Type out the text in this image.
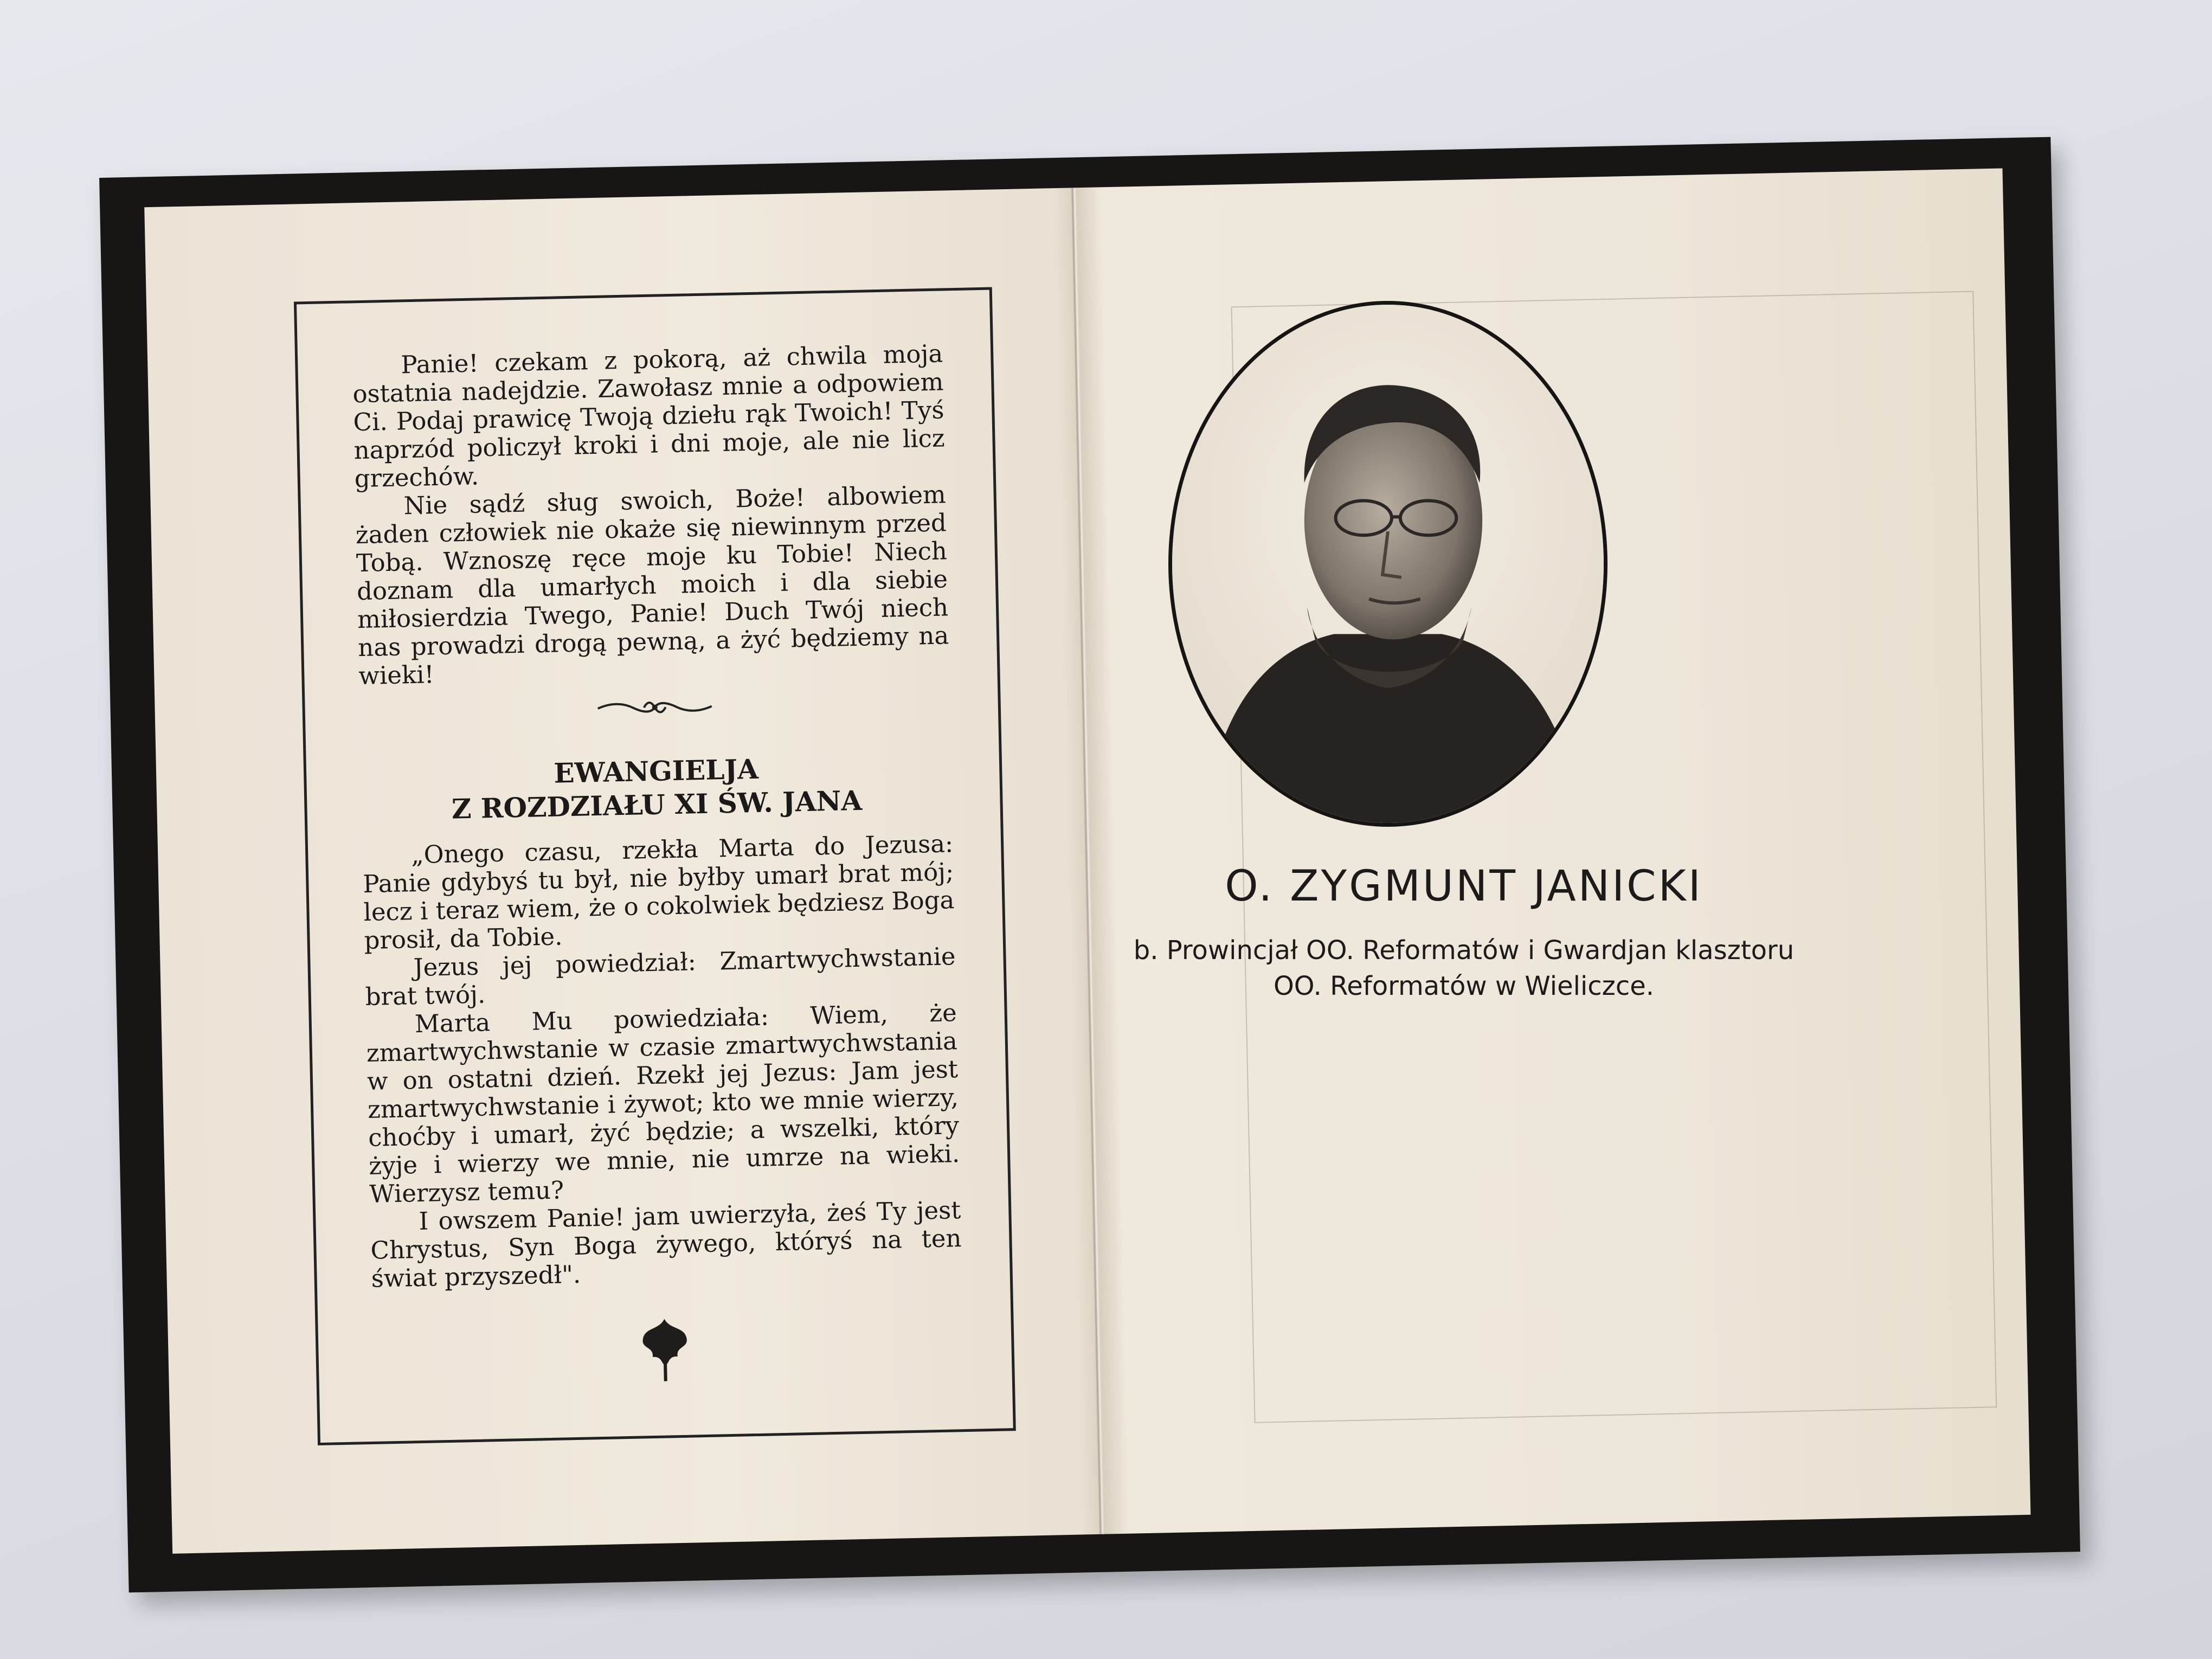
Panie! czekam z pokorą, aż chwila moja ostatnia nadejdzie. Zawołasz mnie a odpowiem Ci. Podaj prawicę Twoją dziełu rąk Twoich! Tyś naprzód policzył kroki i dni moje, ale nie licz grzechów.

Nie sądź sług swoich, Boże! albowiem żaden człowiek nie okaże się niewinnym przed Tobą. Wznoszę ręce moje ku Tobie! Niech doznam dla umarłych moich i dla siebie miłosierdzia Twego, Panie! Duch Twój niech nas prowadzi drogą pewną, a żyć będziemy na wieki!

EWANGIELJA
Z ROZDZIAŁU XI ŚW. JANA

„Onego czasu, rzekła Marta do Jezusa: Panie gdybyś tu był, nie byłby umarł brat mój; lecz i teraz wiem, że o cokolwiek będziesz Boga prosił, da Tobie.

Jezus jej powiedział: Zmartwychwstanie brat twój.

Marta Mu powiedziała: Wiem, że zmartwychwstanie w czasie zmartwychwstania w on ostatni dzień. Rzekł jej Jezus: Jam jest zmartwychwstanie i żywot; kto we mnie wierzy, choćby i umarł, żyć będzie; a wszelki, który żyje i wierzy we mnie, nie umrze na wieki. Wierzysz temu?

I owszem Panie! jam uwierzyła, żeś Ty jest Chrystus, Syn Boga żywego, któryś na ten świat przyszedł".

O. ZYGMUNT JANICKI
b. Prowincjał OO. Reformatów i Gwardjan klasztoru
OO. Reformatów w Wieliczce.
